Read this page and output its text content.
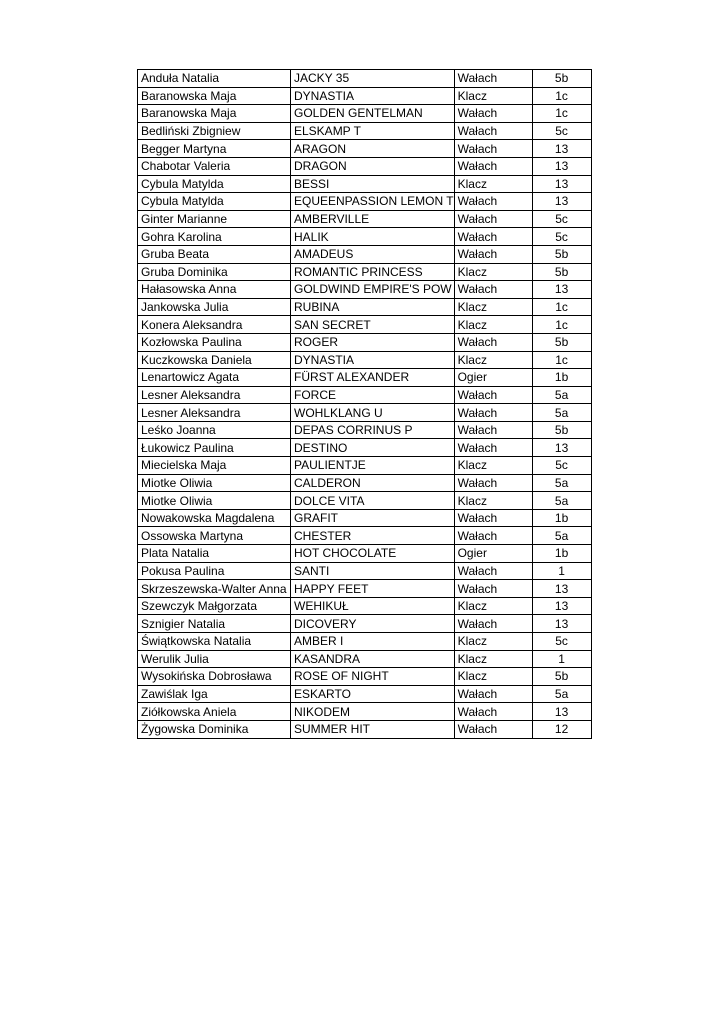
Anduła Natalia	JACKY 35	Wałach	5b
Baranowska Maja	DYNASTIA	Klacz	1c
Baranowska Maja	GOLDEN GENTELMAN	Wałach	1c
Bedliński Zbigniew	ELSKAMP T	Wałach	5c
Begger Martyna	ARAGON	Wałach	13
Chabotar Valeria	DRAGON	Wałach	13
Cybula Matylda	BESSI	Klacz	13
Cybula Matylda	EQUEENPASSION LEMON T	Wałach	13
Ginter Marianne	AMBERVILLE	Wałach	5c
Gohra Karolina	HALIK	Wałach	5c
Gruba Beata	AMADEUS	Wałach	5b
Gruba Dominika	ROMANTIC PRINCESS	Klacz	5b
Hałasowska Anna	GOLDWIND EMPIRE'S POW	Wałach	13
Jankowska Julia	RUBINA	Klacz	1c
Konera Aleksandra	SAN SECRET	Klacz	1c
Kozłowska Paulina	ROGER	Wałach	5b
Kuczkowska Daniela	DYNASTIA	Klacz	1c
Lenartowicz Agata	FÜRST ALEXANDER	Ogier	1b
Lesner Aleksandra	FORCE	Wałach	5a
Lesner Aleksandra	WOHLKLANG U	Wałach	5a
Leśko Joanna	DEPAS CORRINUS P	Wałach	5b
Łukowicz Paulina	DESTINO	Wałach	13
Miecielska Maja	PAULIENTJE	Klacz	5c
Miotke Oliwia	CALDERON	Wałach	5a
Miotke Oliwia	DOLCE VITA	Klacz	5a
Nowakowska Magdalena	GRAFIT	Wałach	1b
Ossowska Martyna	CHESTER	Wałach	5a
Plata Natalia	HOT CHOCOLATE	Ogier	1b
Pokusa Paulina	SANTI	Wałach	1
Skrzeszewska-Walter Anna	HAPPY FEET	Wałach	13
Szewczyk Małgorzata	WEHIKUŁ	Klacz	13
Sznigier Natalia	DICOVERY	Wałach	13
Świątkowska Natalia	AMBER I	Klacz	5c
Werulik Julia	KASANDRA	Klacz	1
Wysokińska Dobrosława	ROSE OF NIGHT	Klacz	5b
Zawiślak Iga	ESKARTO	Wałach	5a
Ziółkowska Aniela	NIKODEM	Wałach	13
Żygowska Dominika	SUMMER HIT	Wałach	12
